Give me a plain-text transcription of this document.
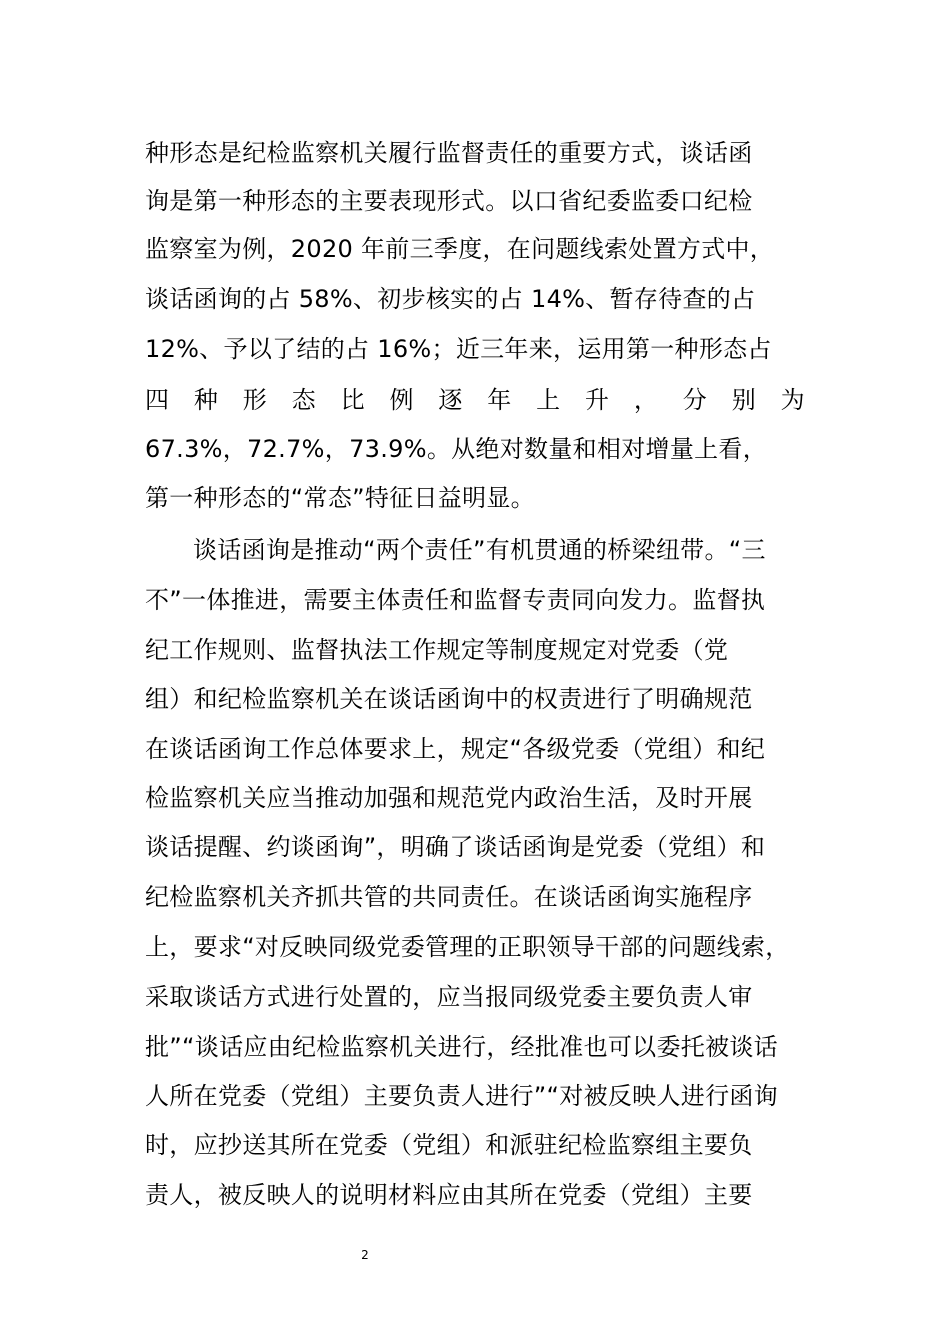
种形态是纪检监察机关履行监督责任的重要方式，谈话函
询是第一种形态的主要表现形式。以口省纪委监委口纪检
监察室为例，2020 年前三季度，在问题线索处置方式中，
谈话函询的占 58%、初步核实的占 14%、暂存待查的占
12%、予以了结的占 16%；近三年来，运用第一种形态占
四 种 形 态 比 例 逐 年 上 升 ， 分 别 为
67.3%，72.7%，73.9%。从绝对数量和相对增量上看，
第一种形态的“常态”特征日益明显。
谈话函询是推动“两个责任”有机贯通的桥梁纽带。“三
不”一体推进，需要主体责任和监督专责同向发力。监督执
纪工作规则、监督执法工作规定等制度规定对党委（党
组）和纪检监察机关在谈话函询中的权责进行了明确规范
在谈话函询工作总体要求上，规定“各级党委（党组）和纪
检监察机关应当推动加强和规范党内政治生活，及时开展
谈话提醒、约谈函询”，明确了谈话函询是党委（党组）和
纪检监察机关齐抓共管的共同责任。在谈话函询实施程序
上，要求“对反映同级党委管理的正职领导干部的问题线索，
采取谈话方式进行处置的，应当报同级党委主要负责人审
批”“谈话应由纪检监察机关进行，经批准也可以委托被谈话
人所在党委（党组）主要负责人进行”“对被反映人进行函询
时，应抄送其所在党委（党组）和派驻纪检监察组主要负
责人，被反映人的说明材料应由其所在党委（党组）主要
2
